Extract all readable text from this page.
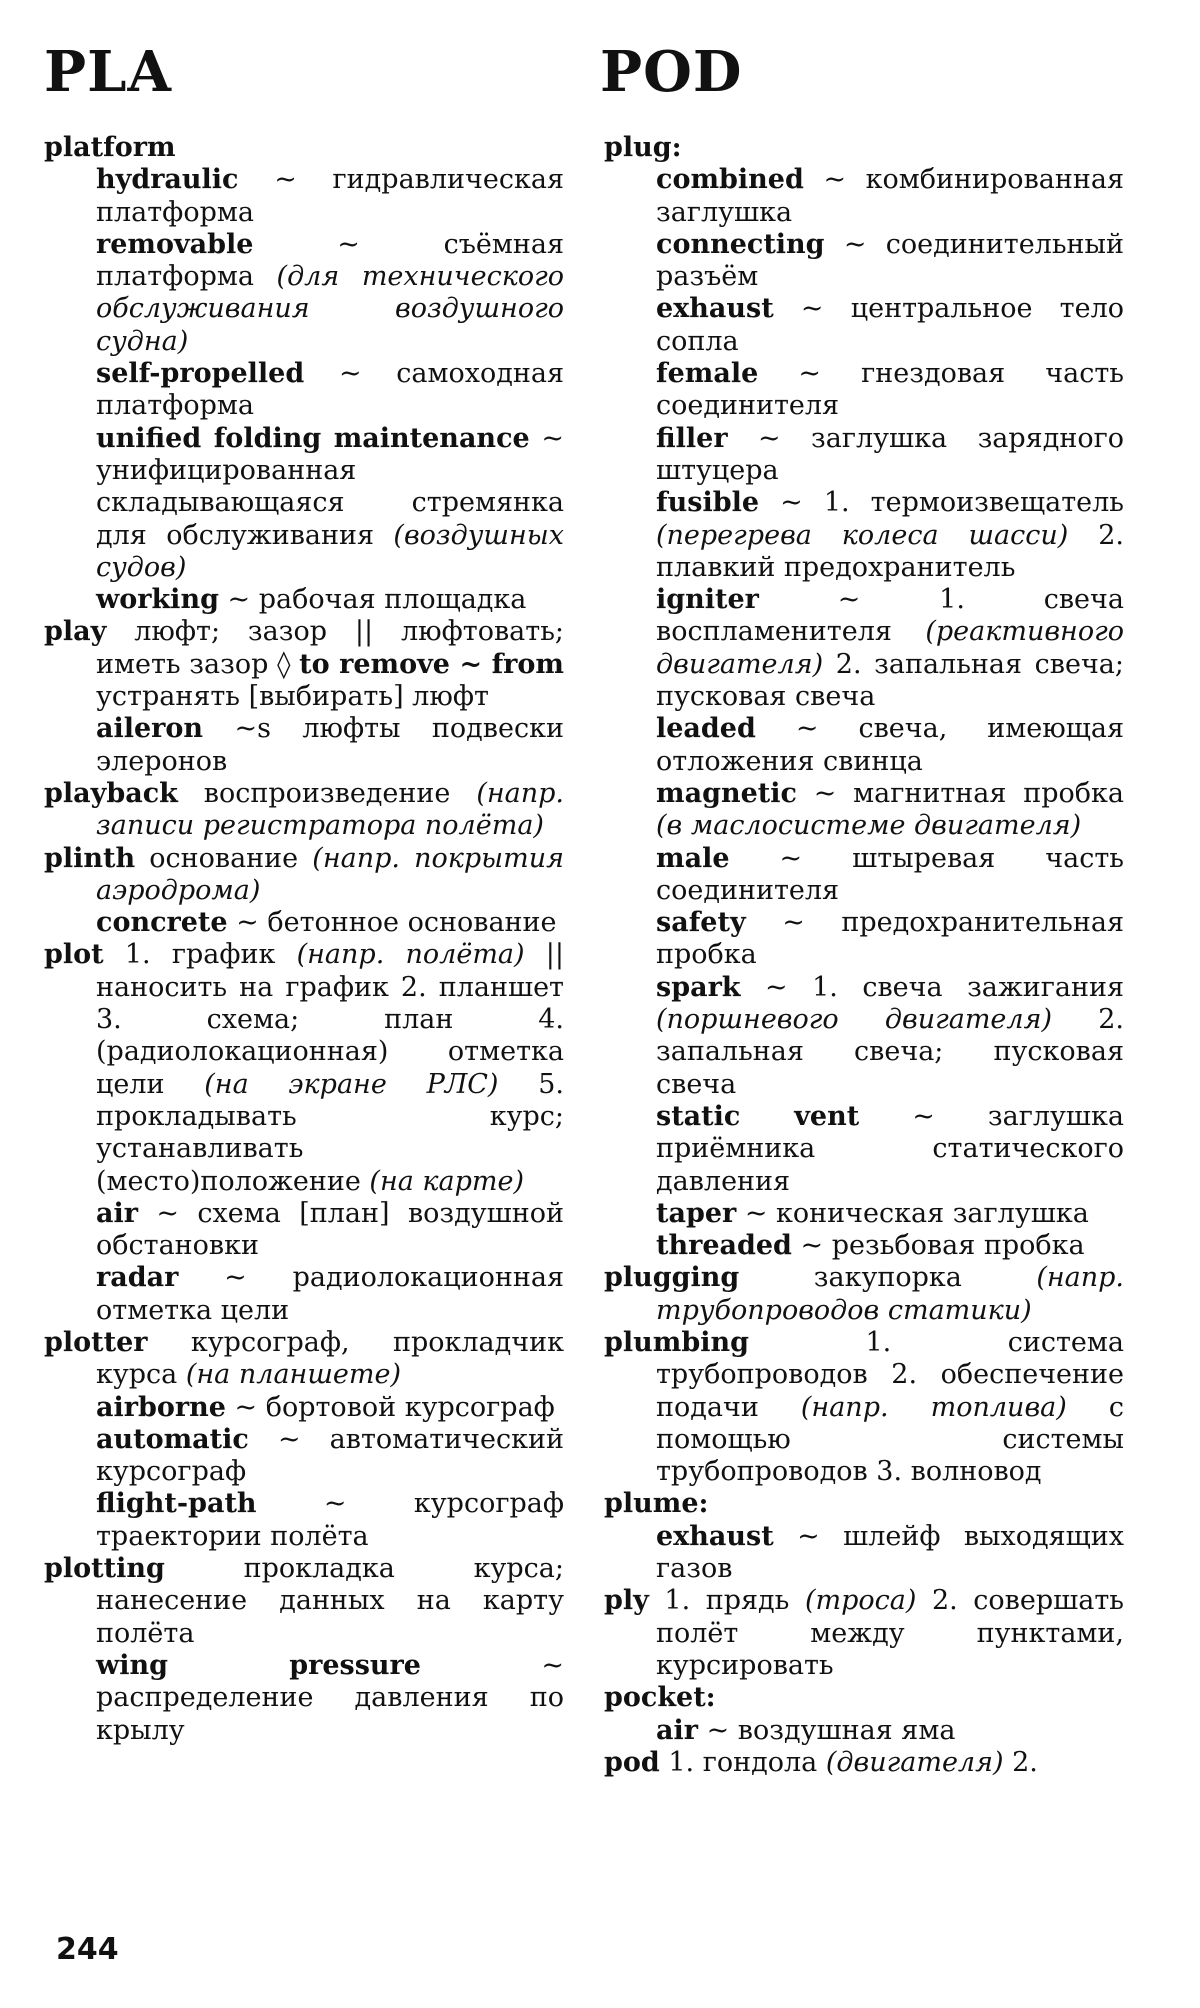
PLA	POD
platform
hydraulic ~ гидравлическая платформа
removable	~ съёмная платформа (для технического обслуживания воздушного судна)
self-propelled ~ самоходная платформа
unified folding maintenance ~ унифицированная складывающаяся стремянка для обслуживания (воздушных судов)
working ~ рабочая площадка
play люфт; зазор || люфтовать; иметь зазор ◊ to remove ~ from устранять [выбирать] люфт
aileron ~s люфты подвески элеронов
playback воспроизведение (напр. записи регистратора полёта)
plinth основание (напр. покрытия аэродрома)
concrete ~ бетонное основание
plot 1. график (напр. полёта) || наносить на график 2. планшет 3. схема; план 4. (радиолокационная) отметка цели (на экране РЛС) 5. прокладывать курс; устанавливать (место)положение (на карте)
air ~ схема [план] воздушной обстановки
radar ~ радиолокационная отметка цели
plotter курсограф, прокладчик курса (на планшете)
airborne ~ бортовой курсограф
automatic ~ автоматический курсограф
flight-path ~ курсограф траектории полёта
plotting	прокладка курса; нанесение данных на карту полёта
wing pressure	~ распределение давления по крылу
plug:
combined ~ комбинированная заглушка
connecting ~ соединительный разъём
exhaust ~ центральное тело сопла
female ~ гнездовая часть соединителя
filler ~ заглушка зарядного штуцера
fusible ~ 1. термоизвещатель (перегрева колеса шасси) 2. плавкий предохранитель
igniter	~ 1. свеча воспламенителя (реактивного двигателя) 2. запальная свеча; пусковая свеча
leaded ~ свеча, имеющая отложения свинца
magnetic ~ магнитная пробка (в маслосистеме двигателя)
male ~ штыревая часть соединителя
safety ~ предохранительная пробка
spark ~ 1. свеча зажигания (поршневого двигателя) 2. запальная свеча; пусковая свеча
static vent ~ заглушка приёмника статического давления
taper ~ коническая заглушка
threaded ~ резьбовая пробка
plugging	закупорка	(напр. трубопроводов статики)
plumbing	1. система трубопроводов 2. обеспечение подачи (напр. топлива) с помощью системы трубопроводов 3. волновод
plume:
exhaust ~ шлейф выходящих газов
ply 1. прядь (троса) 2. совершать полёт между пунктами, курсировать
pocket:
air ~ воздушная яма
pod 1. гондола (двигателя) 2.
244
